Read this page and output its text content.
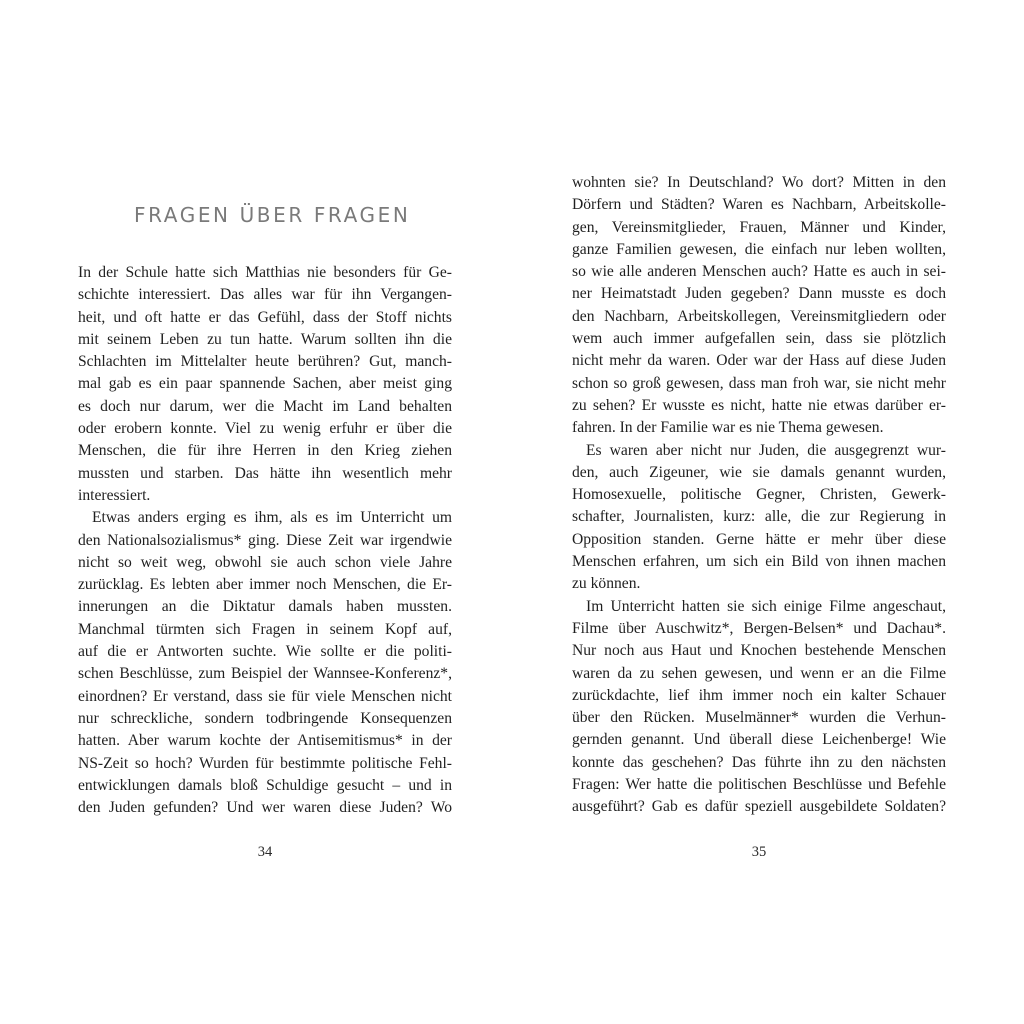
FRAGEN ÜBER FRAGEN
In der Schule hatte sich Matthias nie besonders für Ge-
schichte interessiert. Das alles war für ihn Vergangen-
heit, und oft hatte er das Gefühl, dass der Stoff nichts
mit seinem Leben zu tun hatte. Warum sollten ihn die
Schlachten im Mittelalter heute berühren? Gut, manch-
mal gab es ein paar spannende Sachen, aber meist ging
es doch nur darum, wer die Macht im Land behalten
oder erobern konnte. Viel zu wenig erfuhr er über die
Menschen, die für ihre Herren in den Krieg ziehen
mussten und starben. Das hätte ihn wesentlich mehr
interessiert.
Etwas anders erging es ihm, als es im Unterricht um
den Nationalsozialismus* ging. Diese Zeit war irgendwie
nicht so weit weg, obwohl sie auch schon viele Jahre
zurücklag. Es lebten aber immer noch Menschen, die Er-
innerungen an die Diktatur damals haben mussten.
Manchmal türmten sich Fragen in seinem Kopf auf,
auf die er Antworten suchte. Wie sollte er die politi-
schen Beschlüsse, zum Beispiel der Wannsee-Konferenz*,
einordnen? Er verstand, dass sie für viele Menschen nicht
nur schreckliche, sondern todbringende Konsequenzen
hatten. Aber warum kochte der Antisemitismus* in der
NS-Zeit so hoch? Wurden für bestimmte politische Fehl-
entwicklungen damals bloß Schuldige gesucht – und in
den Juden gefunden? Und wer waren diese Juden? Wo
34
wohnten sie? In Deutschland? Wo dort? Mitten in den
Dörfern und Städten? Waren es Nachbarn, Arbeitskolle-
gen, Vereinsmitglieder, Frauen, Männer und Kinder,
ganze Familien gewesen, die einfach nur leben wollten,
so wie alle anderen Menschen auch? Hatte es auch in sei-
ner Heimatstadt Juden gegeben? Dann musste es doch
den Nachbarn, Arbeitskollegen, Vereinsmitgliedern oder
wem auch immer aufgefallen sein, dass sie plötzlich
nicht mehr da waren. Oder war der Hass auf diese Juden
schon so groß gewesen, dass man froh war, sie nicht mehr
zu sehen? Er wusste es nicht, hatte nie etwas darüber er-
fahren. In der Familie war es nie Thema gewesen.
Es waren aber nicht nur Juden, die ausgegrenzt wur-
den, auch Zigeuner, wie sie damals genannt wurden,
Homosexuelle, politische Gegner, Christen, Gewerk-
schafter, Journalisten, kurz: alle, die zur Regierung in
Opposition standen. Gerne hätte er mehr über diese
Menschen erfahren, um sich ein Bild von ihnen machen
zu können.
Im Unterricht hatten sie sich einige Filme angeschaut,
Filme über Auschwitz*, Bergen-Belsen* und Dachau*.
Nur noch aus Haut und Knochen bestehende Menschen
waren da zu sehen gewesen, und wenn er an die Filme
zurückdachte, lief ihm immer noch ein kalter Schauer
über den Rücken. Muselmänner* wurden die Verhun-
gernden genannt. Und überall diese Leichenberge! Wie
konnte das geschehen? Das führte ihn zu den nächsten
Fragen: Wer hatte die politischen Beschlüsse und Befehle
ausgeführt? Gab es dafür speziell ausgebildete Soldaten?
35
